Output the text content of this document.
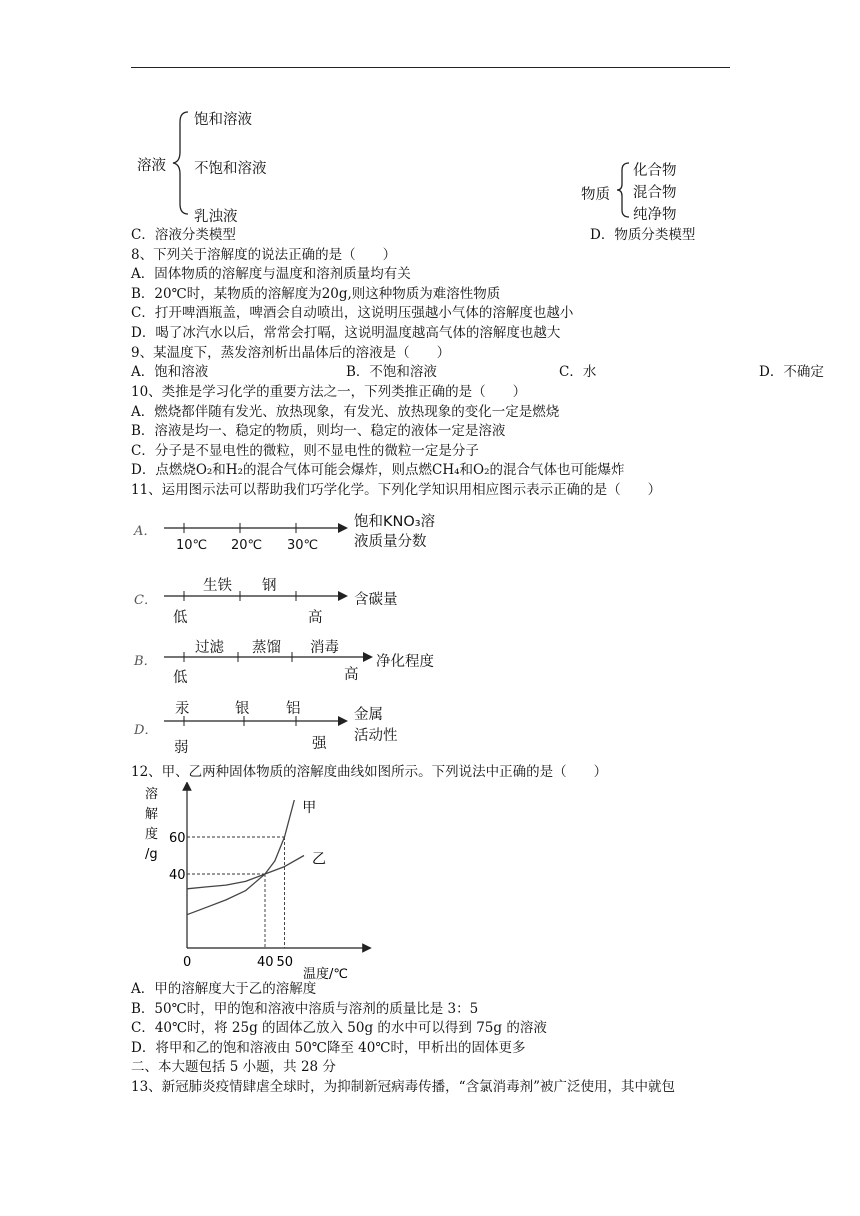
溶液
饱和溶液
不饱和溶液
乳浊液
物质
化合物
混合物
纯净物
C．溶液分类模型	D．物质分类模型
8、下列关于溶解度的说法正确的是（　　）
A．固体物质的溶解度与温度和溶剂质量均有关
B．20℃时，某物质的溶解度为20g,则这种物质为难溶性物质
C．打开啤酒瓶盖，啤酒会自动喷出，这说明压强越小气体的溶解度也越小
D．喝了冰汽水以后，常常会打嗝，这说明温度越高气体的溶解度也越大
9、某温度下，蒸发溶剂析出晶体后的溶液是（　　）
A．饱和溶液	B．不饱和溶液	C．水	D．不确定
10、类推是学习化学的重要方法之一，下列类推正确的是（　　）
A．燃烧都伴随有发光、放热现象，有发光、放热现象的变化一定是燃烧
B．溶液是均一、稳定的物质，则均一、稳定的液体一定是溶液
C．分子是不显电性的微粒，则不显电性的微粒一定是分子
D．点燃烧O₂和H₂的混合气体可能会爆炸，则点燃CH₄和O₂的混合气体也可能爆炸
11、运用图示法可以帮助我们巧学化学。下列化学知识用相应图示表示正确的是（　　）
A．
10℃ 20℃ 30℃
饱和KNO₃溶
液质量分数
C．
生铁 钢
低	高
含碳量
B．
过滤 蒸馏 消毒
低	高
净化程度
D．
汞	银	铝
弱	强
金属
活动性
12、甲、乙两种固体物质的溶解度曲线如图所示。下列说法中正确的是（　　）
溶
解
度
/g
甲
乙
0	40 50
40
60
温度/℃
A．甲的溶解度大于乙的溶解度
B．50℃时，甲的饱和溶液中溶质与溶剂的质量比是 3：5
C．40℃时，将 25g 的固体乙放入 50g 的水中可以得到 75g 的溶液
D．将甲和乙的饱和溶液由 50℃降至 40℃时，甲析出的固体更多
二、本大题包括 5 小题，共 28 分
13、新冠肺炎疫情肆虐全球时，为抑制新冠病毒传播，“含氯消毒剂”被广泛使用，其中就包
